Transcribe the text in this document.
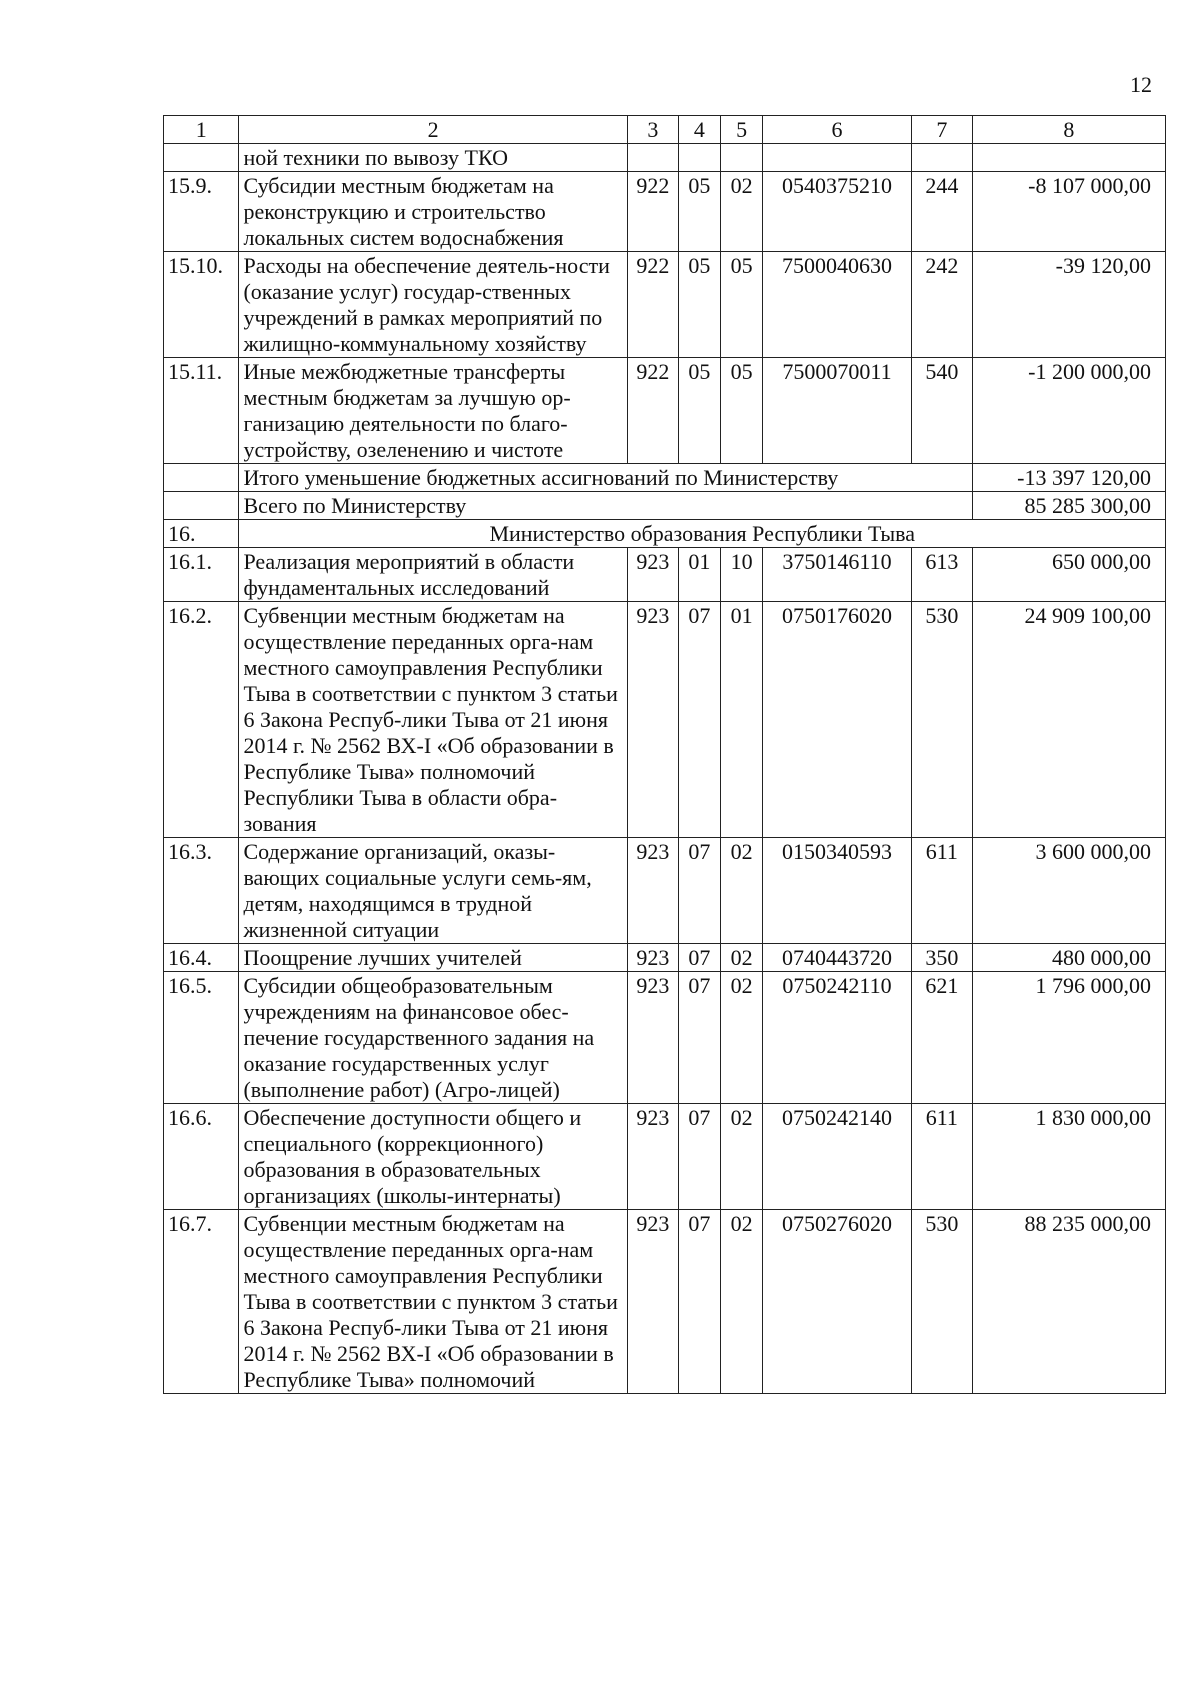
12
1	2	3	4	5	6	7	8
	ной техники по вывозу ТКО						
15.9.	Субсидии местным бюджетам на реконструкцию и строительство локальных систем водоснабжения	922	05	02	0540375210	244	-8 107 000,00
15.10.	Расходы на обеспечение деятель-ности (оказание услуг) государ-ственных учреждений в рамках мероприятий по жилищно-коммунальному хозяйству	922	05	05	7500040630	242	-39 120,00
15.11.	Иные межбюджетные трансферты местным бюджетам за лучшую ор-ганизацию деятельности по благо-устройству, озеленению и чистоте	922	05	05	7500070011	540	-1 200 000,00
	Итого уменьшение бюджетных ассигнований по Министерству						-13 397 120,00
	Всего по Министерству						85 285 300,00
16.	Министерство образования Республики Тыва						
16.1.	Реализация мероприятий в области фундаментальных исследований	923	01	10	3750146110	613	650 000,00
16.2.	Субвенции местным бюджетам на осуществление переданных орга-нам местного самоуправления Республики Тыва в соответствии с пунктом 3 статьи 6 Закона Респуб-лики Тыва от 21 июня 2014 г. № 2562 ВХ-I «Об образовании в Республике Тыва» полномочий Республики Тыва в области обра-зования	923	07	01	0750176020	530	24 909 100,00
16.3.	Содержание организаций, оказы-вающих социальные услуги семь-ям, детям, находящимся в трудной жизненной ситуации	923	07	02	0150340593	611	3 600 000,00
16.4.	Поощрение лучших учителей	923	07	02	0740443720	350	480 000,00
16.5.	Субсидии общеобразовательным учреждениям на финансовое обес-печение государственного задания на оказание государственных услуг (выполнение работ) (Агро-лицей)	923	07	02	0750242110	621	1 796 000,00
16.6.	Обеспечение доступности общего и специального (коррекционного) образования в образовательных организациях (школы-интернаты)	923	07	02	0750242140	611	1 830 000,00
16.7.	Субвенции местным бюджетам на осуществление переданных орга-нам местного самоуправления Республики Тыва в соответствии с пунктом 3 статьи 6 Закона Респуб-лики Тыва от 21 июня 2014 г. № 2562 ВХ-I «Об образовании в Республике Тыва» полномочий	923	07	02	0750276020	530	88 235 000,00
